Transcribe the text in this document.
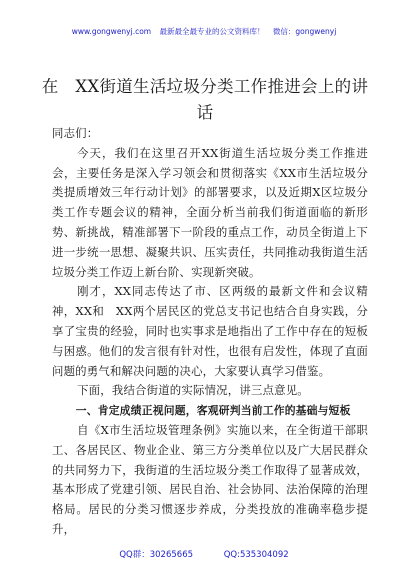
www.gongwenyj.com 最新最全最专业的公文资料库！ 微信：gongwenyj
在　XX街道生活垃圾分类工作推进会上的讲话

同志们：

今天，我们在这里召开XX街道生活垃圾分类工作推进会，主要任务是深入学习领会和贯彻落实《XX市生活垃圾分类提质增效三年行动计划》的部署要求，以及近期X区垃圾分类工作专题会议的精神，全面分析当前我们街道面临的新形势、新挑战，精准部署下一阶段的重点工作，动员全街道上下进一步统一思想、凝聚共识、压实责任，共同推动我街道生活垃圾分类工作迈上新台阶、实现新突破。

刚才，XX同志传达了市、区两级的最新文件和会议精神，XX和　XX两个居民区的党总支书记也结合自身实践，分享了宝贵的经验，同时也实事求是地指出了工作中存在的短板与困惑。他们的发言很有针对性，也很有启发性，体现了直面问题的勇气和解决问题的决心，大家要认真学习借鉴。

下面，我结合街道的实际情况，讲三点意见。

一、肯定成绩正视问题，客观研判当前工作的基础与短板

自《X市生活垃圾管理条例》实施以来，在全街道干部职工、各居民区、物业企业、第三方分类单位以及广大居民群众的共同努力下，我街道的生活垃圾分类工作取得了显著成效，基本形成了党建引领、居民自治、社会协同、法治保障的治理格局。居民的分类习惯逐步养成，分类投放的准确率稳步提升，

QQ群：30265665	QQ:535304092
